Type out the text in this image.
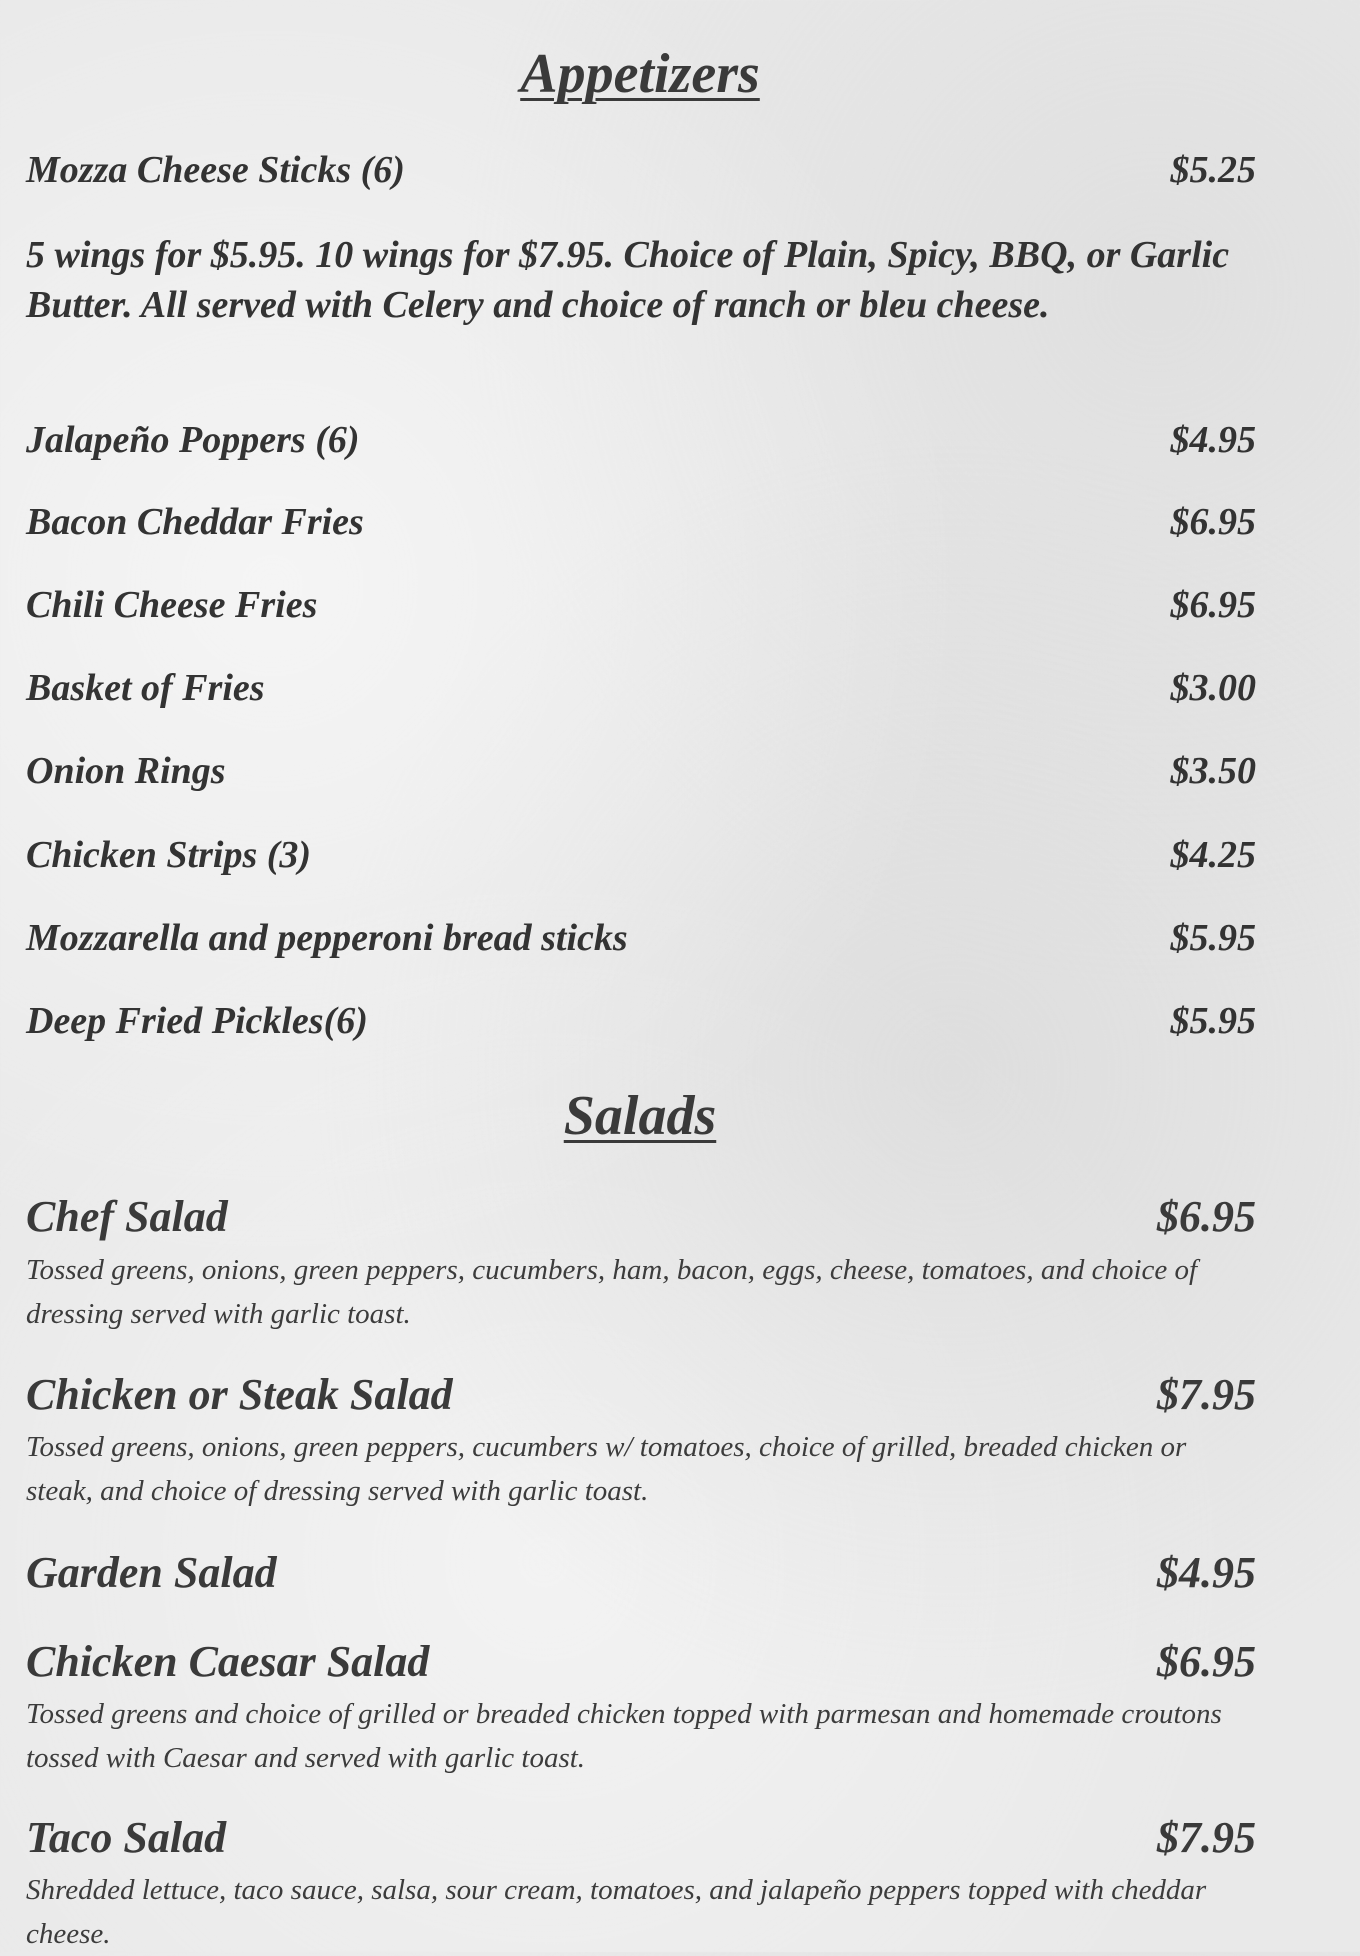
Appetizers
Mozza Cheese Sticks (6)	$5.25
5 wings for $5.95. 10 wings for $7.95. Choice of Plain, Spicy, BBQ, or Garlic Butter. All served with Celery and choice of ranch or bleu cheese.
Jalapeño Poppers (6)	$4.95
Bacon Cheddar Fries	$6.95
Chili Cheese Fries	$6.95
Basket of Fries	$3.00
Onion Rings	$3.50
Chicken Strips (3)	$4.25
Mozzarella and pepperoni bread sticks	$5.95
Deep Fried Pickles(6)	$5.95
Salads
Chef Salad	$6.95
Tossed greens, onions, green peppers, cucumbers, ham, bacon, eggs, cheese, tomatoes, and choice of dressing served with garlic toast.
Chicken or Steak Salad	$7.95
Tossed greens, onions, green peppers, cucumbers w/ tomatoes, choice of grilled, breaded chicken or steak, and choice of dressing served with garlic toast.
Garden Salad	$4.95
Chicken Caesar Salad	$6.95
Tossed greens and choice of grilled or breaded chicken topped with parmesan and homemade croutons tossed with Caesar and served with garlic toast.
Taco Salad	$7.95
Shredded lettuce, taco sauce, salsa, sour cream, tomatoes, and jalapeño peppers topped with cheddar cheese.
